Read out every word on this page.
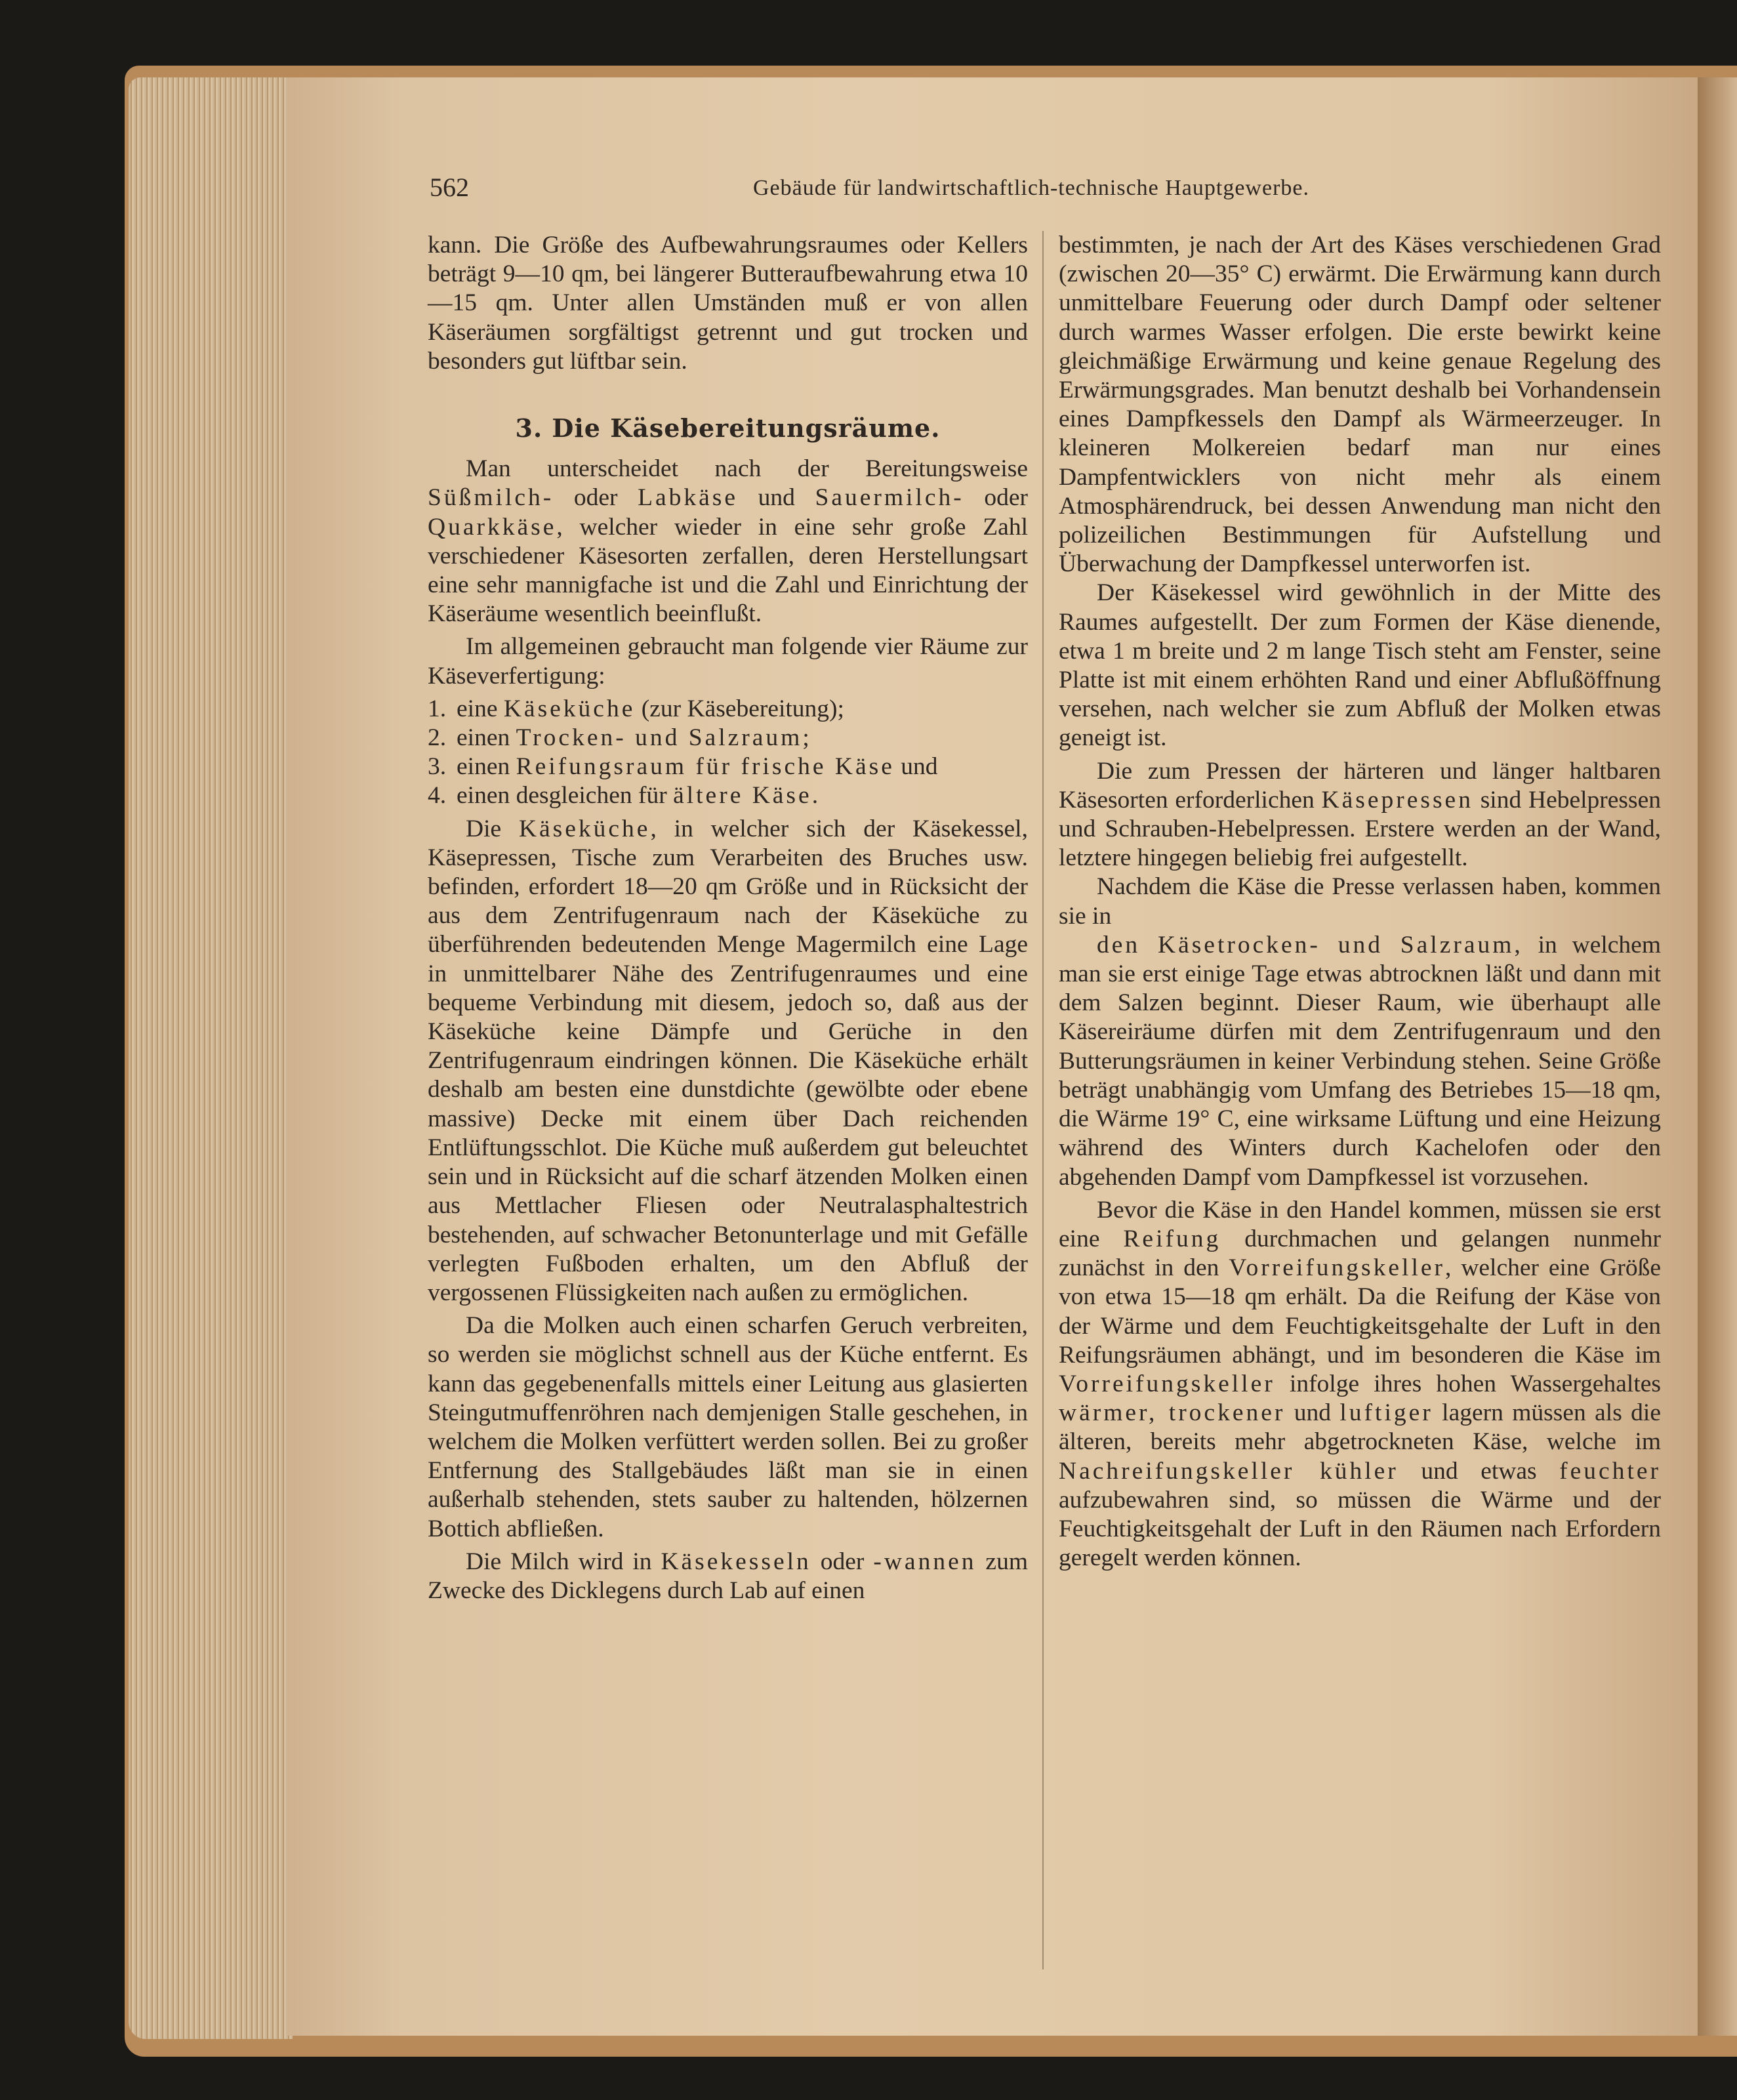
562	Gebäude für landwirtschaftlich-technische Hauptgewerbe.

kann. Die Größe des Aufbewahrungsraumes oder Kellers beträgt 9—10 qm, bei längerer Butteraufbewahrung etwa 10—15 qm. Unter allen Umständen muß er von allen Käseräumen sorgfältigst getrennt und gut trocken und besonders gut lüftbar sein.

3. Die Käsebereitungsräume.

Man unterscheidet nach der Bereitungsweise Süßmilch- oder Labkäse und Sauermilch- oder Quarkkäse, welcher wieder in eine sehr große Zahl verschiedener Käsesorten zerfallen, deren Herstellungsart eine sehr mannigfache ist und die Zahl und Einrichtung der Käseräume wesentlich beeinflußt.

Im allgemeinen gebraucht man folgende vier Räume zur Käseverfertigung:

1. eine Käseküche (zur Käsebereitung);
2. einen Trocken- und Salzraum;
3. einen Reifungsraum für frische Käse und
4. einen desgleichen für ältere Käse.

Die Käseküche, in welcher sich der Käsekessel, Käsepressen, Tische zum Verarbeiten des Bruches usw. befinden, erfordert 18—20 qm Größe und in Rücksicht der aus dem Zentrifugenraum nach der Käseküche zu überführenden bedeutenden Menge Magermilch eine Lage in unmittelbarer Nähe des Zentrifugenraumes und eine bequeme Verbindung mit diesem, jedoch so, daß aus der Käseküche keine Dämpfe und Gerüche in den Zentrifugenraum eindringen können. Die Käseküche erhält deshalb am besten eine dunstdichte (gewölbte oder ebene massive) Decke mit einem über Dach reichenden Entlüftungsschlot. Die Küche muß außerdem gut beleuchtet sein und in Rücksicht auf die scharf ätzenden Molken einen aus Mettlacher Fliesen oder Neutralasphaltestrich bestehenden, auf schwacher Betonunterlage und mit Gefälle verlegten Fußboden erhalten, um den Abfluß der vergossenen Flüssigkeiten nach außen zu ermöglichen.

Da die Molken auch einen scharfen Geruch verbreiten, so werden sie möglichst schnell aus der Küche entfernt. Es kann das gegebenenfalls mittels einer Leitung aus glasierten Steingutmuffenröhren nach demjenigen Stalle geschehen, in welchem die Molken verfüttert werden sollen. Bei zu großer Entfernung des Stallgebäudes läßt man sie in einen außerhalb stehenden, stets sauber zu haltenden, hölzernen Bottich abfließen.

Die Milch wird in Käsekesseln oder -wannen zum Zwecke des Dicklegens durch Lab auf einen

bestimmten, je nach der Art des Käses verschiedenen Grad (zwischen 20—35° C) erwärmt. Die Erwärmung kann durch unmittelbare Feuerung oder durch Dampf oder seltener durch warmes Wasser erfolgen. Die erste bewirkt keine gleichmäßige Erwärmung und keine genaue Regelung des Erwärmungsgrades. Man benutzt deshalb bei Vorhandensein eines Dampfkessels den Dampf als Wärmeerzeuger. In kleineren Molkereien bedarf man nur eines Dampfentwicklers von nicht mehr als einem Atmosphärendruck, bei dessen Anwendung man nicht den polizeilichen Bestimmungen für Aufstellung und Überwachung der Dampfkessel unterworfen ist.

Der Käsekessel wird gewöhnlich in der Mitte des Raumes aufgestellt. Der zum Formen der Käse dienende, etwa 1 m breite und 2 m lange Tisch steht am Fenster, seine Platte ist mit einem erhöhten Rand und einer Abflußöffnung versehen, nach welcher sie zum Abfluß der Molken etwas geneigt ist.

Die zum Pressen der härteren und länger haltbaren Käsesorten erforderlichen Käsepressen sind Hebelpressen und Schrauben-Hebelpressen. Erstere werden an der Wand, letztere hingegen beliebig frei aufgestellt.

Nachdem die Käse die Presse verlassen haben, kommen sie in

den Käsetrocken- und Salzraum, in welchem man sie erst einige Tage etwas abtrocknen läßt und dann mit dem Salzen beginnt. Dieser Raum, wie überhaupt alle Käsereiräume dürfen mit dem Zentrifugenraum und den Butterungsräumen in keiner Verbindung stehen. Seine Größe beträgt unabhängig vom Umfang des Betriebes 15—18 qm, die Wärme 19° C, eine wirksame Lüftung und eine Heizung während des Winters durch Kachelofen oder den abgehenden Dampf vom Dampfkessel ist vorzusehen.

Bevor die Käse in den Handel kommen, müssen sie erst eine Reifung durchmachen und gelangen nunmehr zunächst in den Vorreifungskeller, welcher eine Größe von etwa 15—18 qm erhält. Da die Reifung der Käse von der Wärme und dem Feuchtigkeitsgehalte der Luft in den Reifungsräumen abhängt, und im besonderen die Käse im Vorreifungskeller infolge ihres hohen Wassergehaltes wärmer, trockener und luftiger lagern müssen als die älteren, bereits mehr abgetrockneten Käse, welche im Nachreifungskeller kühler und etwas feuchter aufzubewahren sind, so müssen die Wärme und der Feuchtigkeitsgehalt der Luft in den Räumen nach Erfordern geregelt werden können.
